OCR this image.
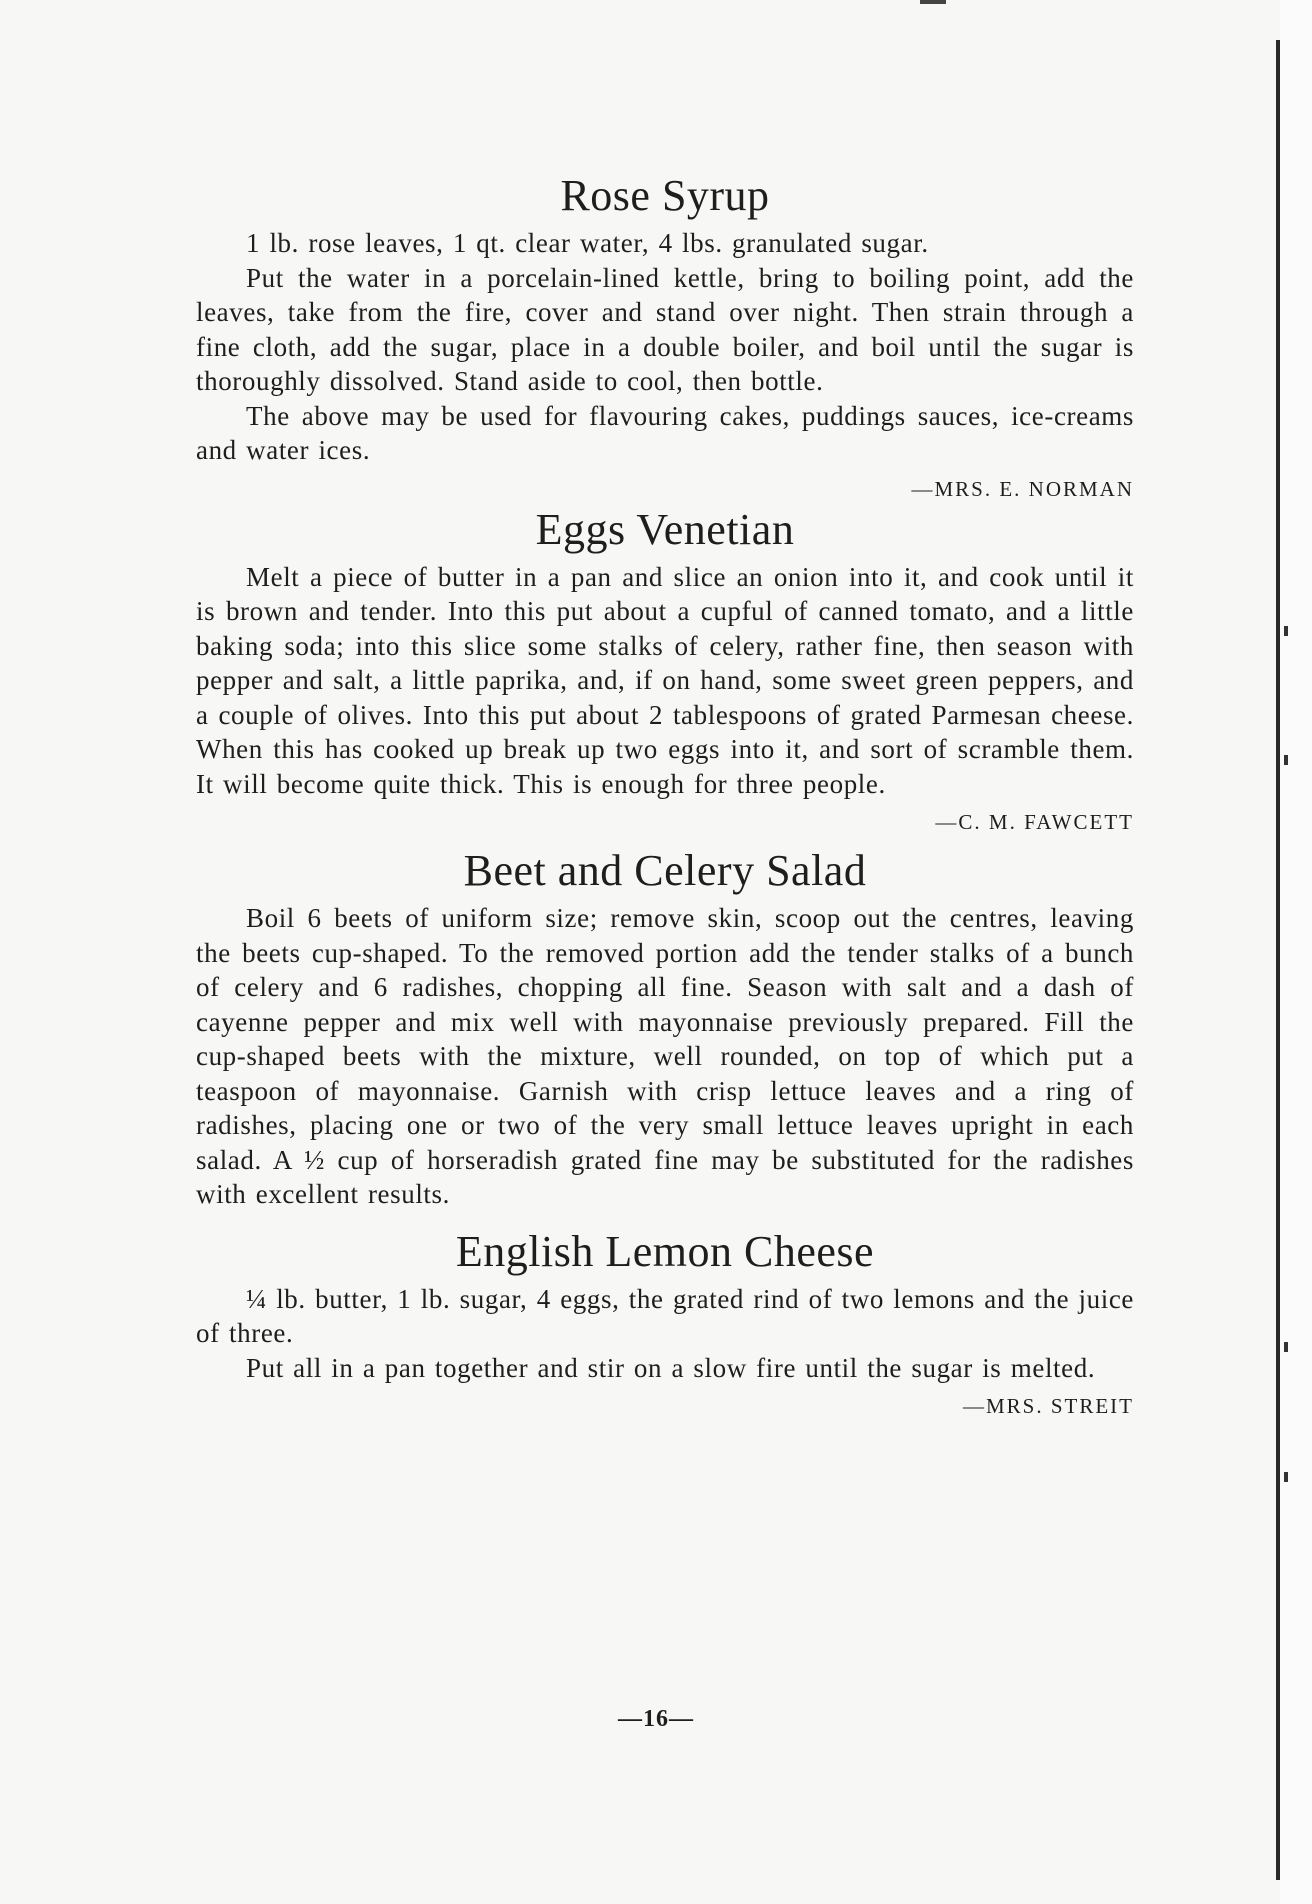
Rose Syrup

1 lb. rose leaves, 1 qt. clear water, 4 lbs. granulated sugar.

Put the water in a porcelain-lined kettle, bring to boiling point, add the leaves, take from the fire, cover and stand over night. Then strain through a fine cloth, add the sugar, place in a double boiler, and boil until the sugar is thoroughly dissolved. Stand aside to cool, then bottle.

The above may be used for flavouring cakes, puddings sauces, ice-creams and water ices.

—MRS. E. NORMAN
Eggs Venetian

Melt a piece of butter in a pan and slice an onion into it, and cook until it is brown and tender. Into this put about a cupful of canned tomato, and a little baking soda; into this slice some stalks of celery, rather fine, then season with pepper and salt, a little paprika, and, if on hand, some sweet green peppers, and a couple of olives. Into this put about 2 tablespoons of grated Parmesan cheese. When this has cooked up break up two eggs into it, and sort of scramble them. It will become quite thick. This is enough for three people.

—C. M. FAWCETT
Beet and Celery Salad

Boil 6 beets of uniform size; remove skin, scoop out the centres, leaving the beets cup-shaped. To the removed portion add the tender stalks of a bunch of celery and 6 radishes, chopping all fine. Season with salt and a dash of cayenne pepper and mix well with mayonnaise previously prepared. Fill the cup-shaped beets with the mixture, well rounded, on top of which put a teaspoon of mayonnaise. Garnish with crisp lettuce leaves and a ring of radishes, placing one or two of the very small lettuce leaves upright in each salad. A ½ cup of horseradish grated fine may be substituted for the radishes with excellent results.

English Lemon Cheese

¼ lb. butter, 1 lb. sugar, 4 eggs, the grated rind of two lemons and the juice of three.

Put all in a pan together and stir on a slow fire until the sugar is melted.

—MRS. STREIT
—16—
